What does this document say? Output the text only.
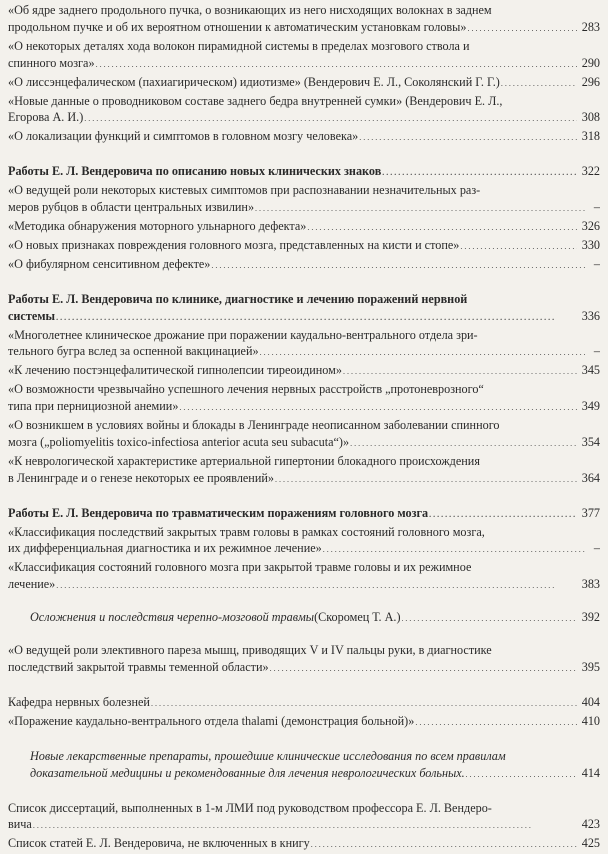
«Об ядре заднего продольного пучка, о возникающих из него нисходящих волокнах в заднем
продольном пучке и об их вероятном отношении к автоматическим установкам головы» . . .	283
«О некоторых деталях хода волокон пирамидной системы в пределах мозгового ствола и
спинного мозга» . . .	290
«О лиссэнцефалическом (пахиагирическом) идиотизме» (Вендерович Е. Л., Соколянский Г. Г.) . . .	296
«Новые данные о проводниковом составе заднего бедра внутренней сумки» (Вендерович Е. Л.,
Егорова А. И.) . . .	308
«О локализации функций и симптомов в головном мозгу человека» . . .	318
Работы Е. Л. Вендеровича по описанию новых клинических знаков . . .	322
«О ведущей роли некоторых кистевых симптомов при распознавании незначительных раз-
меров рубцов в области центральных извилин» . . .	–
«Методика обнаружения моторного ульнарного дефекта» . . .	326
«О новых признаках повреждения головного мозга, представленных на кисти и стопе» . . .	330
«О фибулярном сенситивном дефекте» . . .	–
Работы Е. Л. Вендеровича по клинике, диагностике и лечению поражений нервной
системы . . .	336
«Многолетнее клиническое дрожание при поражении каудально-вентрального отдела зри-
тельного бугра вслед за оспенной вакцинацией» . . .	–
«К лечению постэнцефалитической гипнолепсии тиреоидином» . . .	345
«О возможности чрезвычайно успешного лечения нервных расстройств „протоневрозного“
типа при пернициозной анемии» . . .	349
«О возникшем в условиях войны и блокады в Ленинграде неописанном заболевании спинного
мозга („poliomyelitis toxico-infectiosa anterior acuta seu subacuta“)» . . .	354
«К неврологической характеристике артериальной гипертонии блокадного происхождения
в Ленинграде и о генезе некоторых ее проявлений» . . .	364
Работы Е. Л. Вендеровича по травматическим поражениям головного мозга . . .	377
«Классификация последствий закрытых травм головы в рамках состояний головного мозга,
их дифференциальная диагностика и их режимное лечение» . . .	–
«Классификация состояний головного мозга при закрытой травме головы и их режимное
лечение» . . .	383
Осложнения и последствия черепно-мозговой травмы (Скоромец Т. А.) . . .	392
«О ведущей роли элективного пареза мышц, приводящих V и IV пальцы руки, в диагностике
последствий закрытой травмы теменной области» . . .	395
Кафедра нервных болезней . . .	404
«Поражение каудально-вентрального отдела thalami (демонстрация больной)» . . .	410
Новые лекарственные препараты, прошедшие клинические исследования по всем правилам
доказательной медицины и рекомендованные для лечения неврологических больных. . . .	414
Список диссертаций, выполненных в 1-м ЛМИ под руководством профессора Е. Л. Вендеро-
вича . . .	423
Список статей Е. Л. Вендеровича, не включенных в книгу . . .	425
